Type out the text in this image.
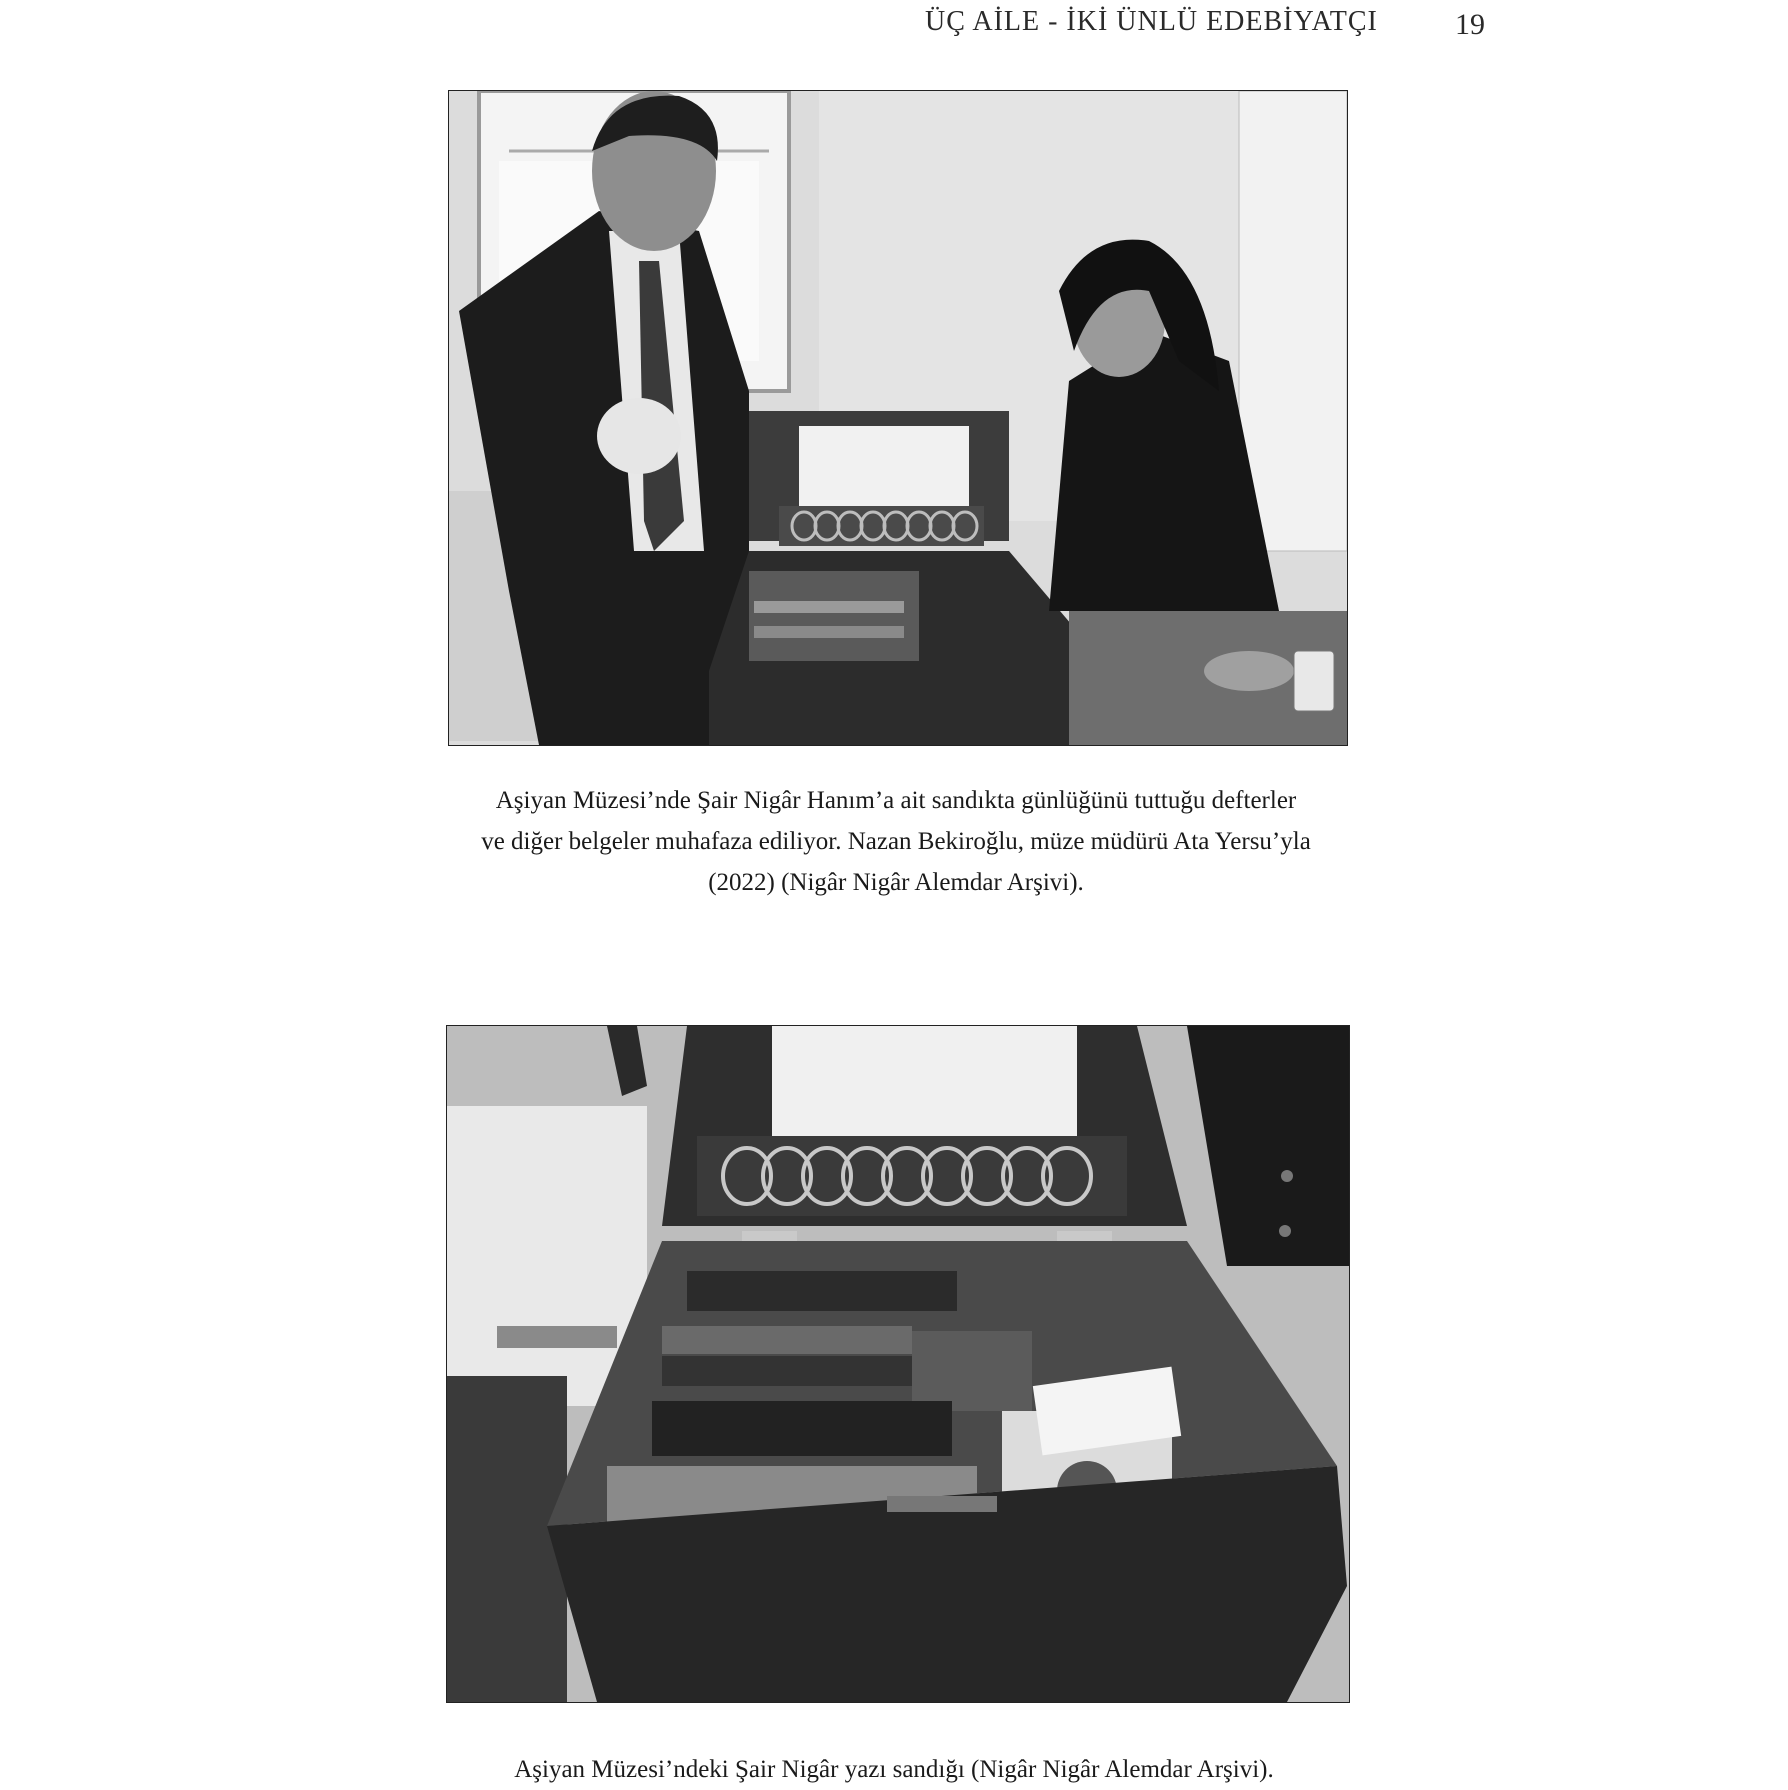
ÜÇ AİLE - İKİ ÜNLÜ EDEBİYATÇI	19
Aşiyan Müzesi’nde Şair Nigâr Hanım’a ait sandıkta günlüğünü tuttuğu defterler
ve diğer belgeler muhafaza ediliyor. Nazan Bekiroğlu, müze müdürü Ata Yersu’yla
(2022) (Nigâr Nigâr Alemdar Arşivi).
Aşiyan Müzesi’ndeki Şair Nigâr yazı sandığı (Nigâr Nigâr Alemdar Arşivi).
